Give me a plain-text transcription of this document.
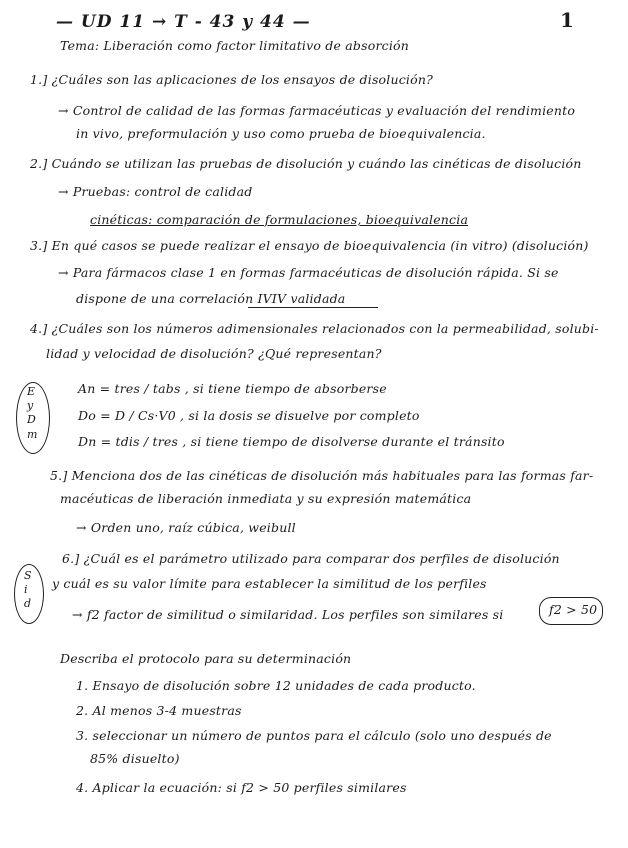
— UD 11 → T - 43 y 44 —	1
Tema: Liberación como factor limitativo de absorción
1.] ¿Cuáles son las aplicaciones de los ensayos de disolución?
→ Control de calidad de las formas farmacéuticas y evaluación del rendimiento
in vivo, preformulación y uso como prueba de bioequivalencia.
2.] Cuándo se utilizan las pruebas de disolución y cuándo las cinéticas de disolución
→ Pruebas: control de calidad
cinéticas: comparación de formulaciones, bioequivalencia
3.] En qué casos se puede realizar el ensayo de bioequivalencia (in vitro) (disolución)
→ Para fármacos clase 1 en formas farmacéuticas de disolución rápida. Si se
dispone de una correlación IVIV validada
4.] ¿Cuáles son los números adimensionales relacionados con la permeabilidad, solubi-
lidad y velocidad de disolución? ¿Qué representan?
E
y
D
m
An = tres / tabs , si tiene tiempo de absorberse
Do = D / Cs·V0 , si la dosis se disuelve por completo
Dn = tdis / tres , si tiene tiempo de disolverse durante el tránsito
5.] Menciona dos de las cinéticas de disolución más habituales para las formas far-
macéuticas de liberación inmediata y su expresión matemática
→ Orden uno, raíz cúbica, weibull
6.] ¿Cuál es el parámetro utilizado para comparar dos perfiles de disolución
y cuál es su valor límite para establecer la similitud de los perfiles
S
i
d
→ f2 factor de similitud o similaridad. Los perfiles son similares si	f2 > 50
Describa el protocolo para su determinación
1. Ensayo de disolución sobre 12 unidades de cada producto.
2. Al menos 3-4 muestras
3. seleccionar un número de puntos para el cálculo (solo uno después de
85% disuelto)
4. Aplicar la ecuación: si f2 > 50 perfiles similares
